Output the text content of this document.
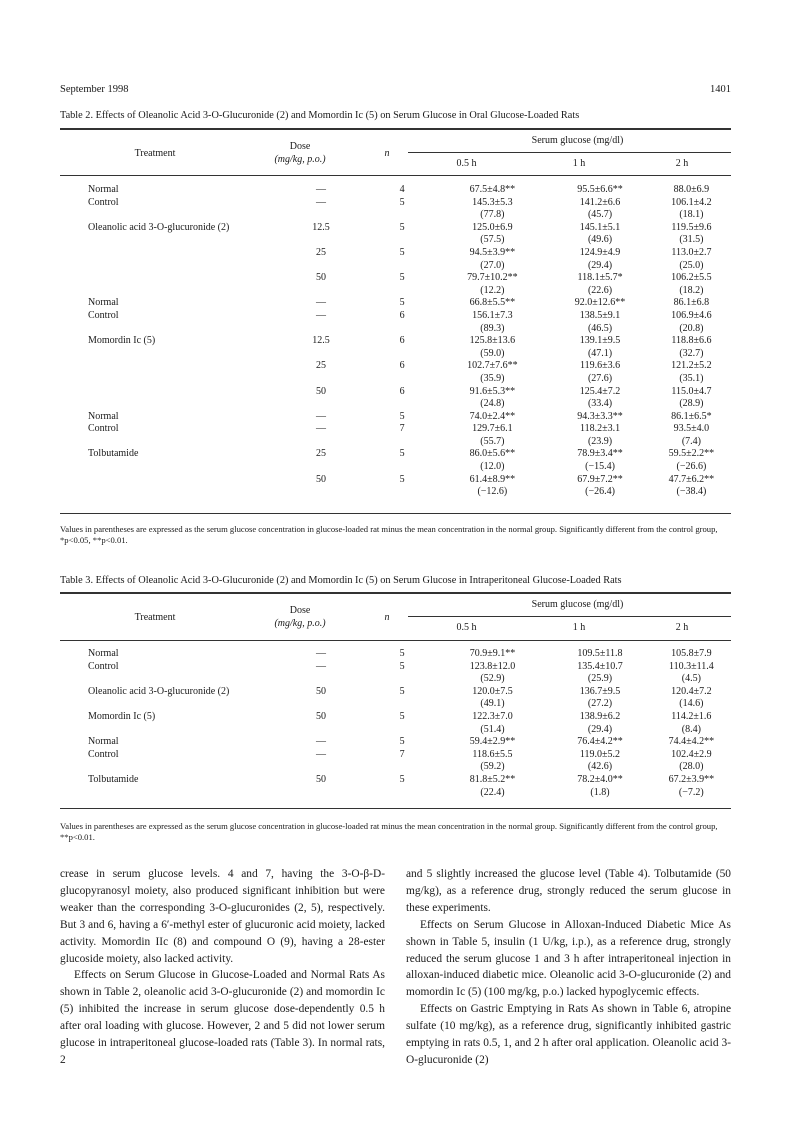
September 1998	1401
Table 2. Effects of Oleanolic Acid 3-O-Glucuronide (2) and Momordin Ic (5) on Serum Glucose in Oral Glucose-Loaded Rats
Treatment
Dose
(mg/kg, p.o.)
n
Serum glucose (mg/dl)
0.5 h	1 h	2 h
Normal	—	4	67.5±4.8**	95.5±6.6**	88.0±6.9
Control	—	5	145.3±5.3	141.2±6.6	106.1±4.2
			(77.8)	(45.7)	(18.1)
Oleanolic acid 3-O-glucuronide (2)	12.5	5	125.0±6.9	145.1±5.1	119.5±9.6
			(57.5)	(49.6)	(31.5)
	25	5	94.5±3.9**	124.9±4.9	113.0±2.7
			(27.0)	(29.4)	(25.0)
	50	5	79.7±10.2**	118.1±5.7*	106.2±5.5
			(12.2)	(22.6)	(18.2)
Normal	—	5	66.8±5.5**	92.0±12.6**	86.1±6.8
Control	—	6	156.1±7.3	138.5±9.1	106.9±4.6
			(89.3)	(46.5)	(20.8)
Momordin Ic (5)	12.5	6	125.8±13.6	139.1±9.5	118.8±6.6
			(59.0)	(47.1)	(32.7)
	25	6	102.7±7.6**	119.6±3.6	121.2±5.2
			(35.9)	(27.6)	(35.1)
	50	6	91.6±5.3**	125.4±7.2	115.0±4.7
			(24.8)	(33.4)	(28.9)
Normal	—	5	74.0±2.4**	94.3±3.3**	86.1±6.5*
Control	—	7	129.7±6.1	118.2±3.1	93.5±4.0
			(55.7)	(23.9)	(7.4)
Tolbutamide	25	5	86.0±5.6**	78.9±3.4**	59.5±2.2**
			(12.0)	(−15.4)	(−26.6)
	50	5	61.4±8.9**	67.9±7.2**	47.7±6.2**
			(−12.6)	(−26.4)	(−38.4)
Values in parentheses are expressed as the serum glucose concentration in glucose-loaded rat minus the mean concentration in the normal group. Significantly different from the control group, *p<0.05, **p<0.01.
Table 3. Effects of Oleanolic Acid 3-O-Glucuronide (2) and Momordin Ic (5) on Serum Glucose in Intraperitoneal Glucose-Loaded Rats
Treatment
Dose
(mg/kg, p.o.)
n
Serum glucose (mg/dl)
0.5 h	1 h	2 h
Normal	—	5	70.9±9.1**	109.5±11.8	105.8±7.9
Control	—	5	123.8±12.0	135.4±10.7	110.3±11.4
			(52.9)	(25.9)	(4.5)
Oleanolic acid 3-O-glucuronide (2)	50	5	120.0±7.5	136.7±9.5	120.4±7.2
			(49.1)	(27.2)	(14.6)
Momordin Ic (5)	50	5	122.3±7.0	138.9±6.2	114.2±1.6
			(51.4)	(29.4)	(8.4)
Normal	—	5	59.4±2.9**	76.4±4.2**	74.4±4.2**
Control	—	7	118.6±5.5	119.0±5.2	102.4±2.9
			(59.2)	(42.6)	(28.0)
Tolbutamide	50	5	81.8±5.2**	78.2±4.0**	67.2±3.9**
			(22.4)	(1.8)	(−7.2)
Values in parentheses are expressed as the serum glucose concentration in glucose-loaded rat minus the mean concentration in the normal group. Significantly different from the control group, **p<0.01.

crease in serum glucose levels. 4 and 7, having the 3-O-β-D-glucopyranosyl moiety, also produced significant inhibition but were weaker than the corresponding 3-O-glucuronides (2, 5), respectively. But 3 and 6, having a 6′-methyl ester of glucuronic acid moiety, lacked activity. Momordin IIc (8) and compound O (9), having a 28-ester glucoside moiety, also lacked activity.

Effects on Serum Glucose in Glucose-Loaded and Normal Rats As shown in Table 2, oleanolic acid 3-O-glucuronide (2) and momordin Ic (5) inhibited the increase in serum glucose dose-dependently 0.5 h after oral loading with glucose. However, 2 and 5 did not lower serum glucose in intraperitoneal glucose-loaded rats (Table 3). In normal rats, 2

and 5 slightly increased the glucose level (Table 4). Tolbutamide (50 mg/kg), as a reference drug, strongly reduced the serum glucose in these experiments.

Effects on Serum Glucose in Alloxan-Induced Diabetic Mice As shown in Table 5, insulin (1 U/kg, i.p.), as a reference drug, strongly reduced the serum glucose 1 and 3 h after intraperitoneal injection in alloxan-induced diabetic mice. Oleanolic acid 3-O-glucuronide (2) and momordin Ic (5) (100 mg/kg, p.o.) lacked hypoglycemic effects.

Effects on Gastric Emptying in Rats As shown in Table 6, atropine sulfate (10 mg/kg), as a reference drug, significantly inhibited gastric emptying in rats 0.5, 1, and 2 h after oral application. Oleanolic acid 3-O-glucuronide (2)
